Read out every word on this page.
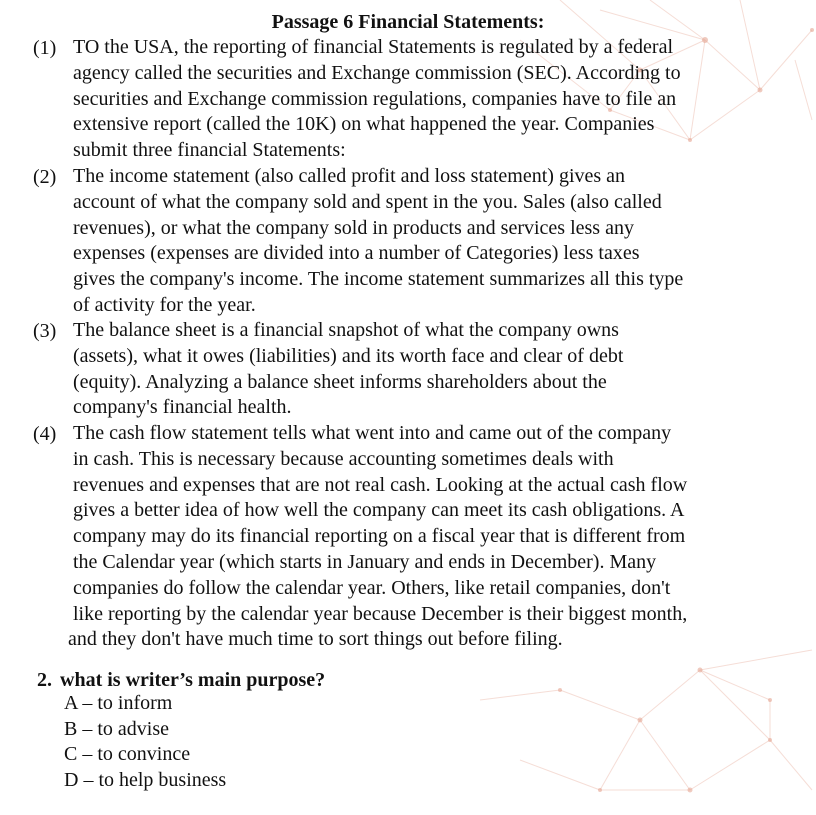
Passage 6 Financial Statements:
(1) TO the USA, the reporting of financial Statements is regulated by a federal
agency called the securities and Exchange commission (SEC). According to
securities and Exchange commission regulations, companies have to file an
extensive report (called the 10K) on what happened the year. Companies
submit three financial Statements:

(2) The income statement (also called profit and loss statement) gives an
account of what the company sold and spent in the you. Sales (also called
revenues), or what the company sold in products and services less any
expenses (expenses are divided into a number of Categories) less taxes
gives the company's income. The income statement summarizes all this type
of activity for the year.

(3) The balance sheet is a financial snapshot of what the company owns
(assets), what it owes (liabilities) and its worth face and clear of debt
(equity). Analyzing a balance sheet informs shareholders about the
company's financial health.

(4) The cash flow statement tells what went into and came out of the company
in cash. This is necessary because accounting sometimes deals with
revenues and expenses that are not real cash. Looking at the actual cash flow
gives a better idea of how well the company can meet its cash obligations. A
company may do its financial reporting on a fiscal year that is different from
the Calendar year (which starts in January and ends in December). Many
companies do follow the calendar year. Others, like retail companies, don't
like reporting by the calendar year because December is their biggest month,
and they don't have much time to sort things out before filing.

2. what is writer’s main purpose?

A – to inform
B – to advise
C – to convince
D – to help business
